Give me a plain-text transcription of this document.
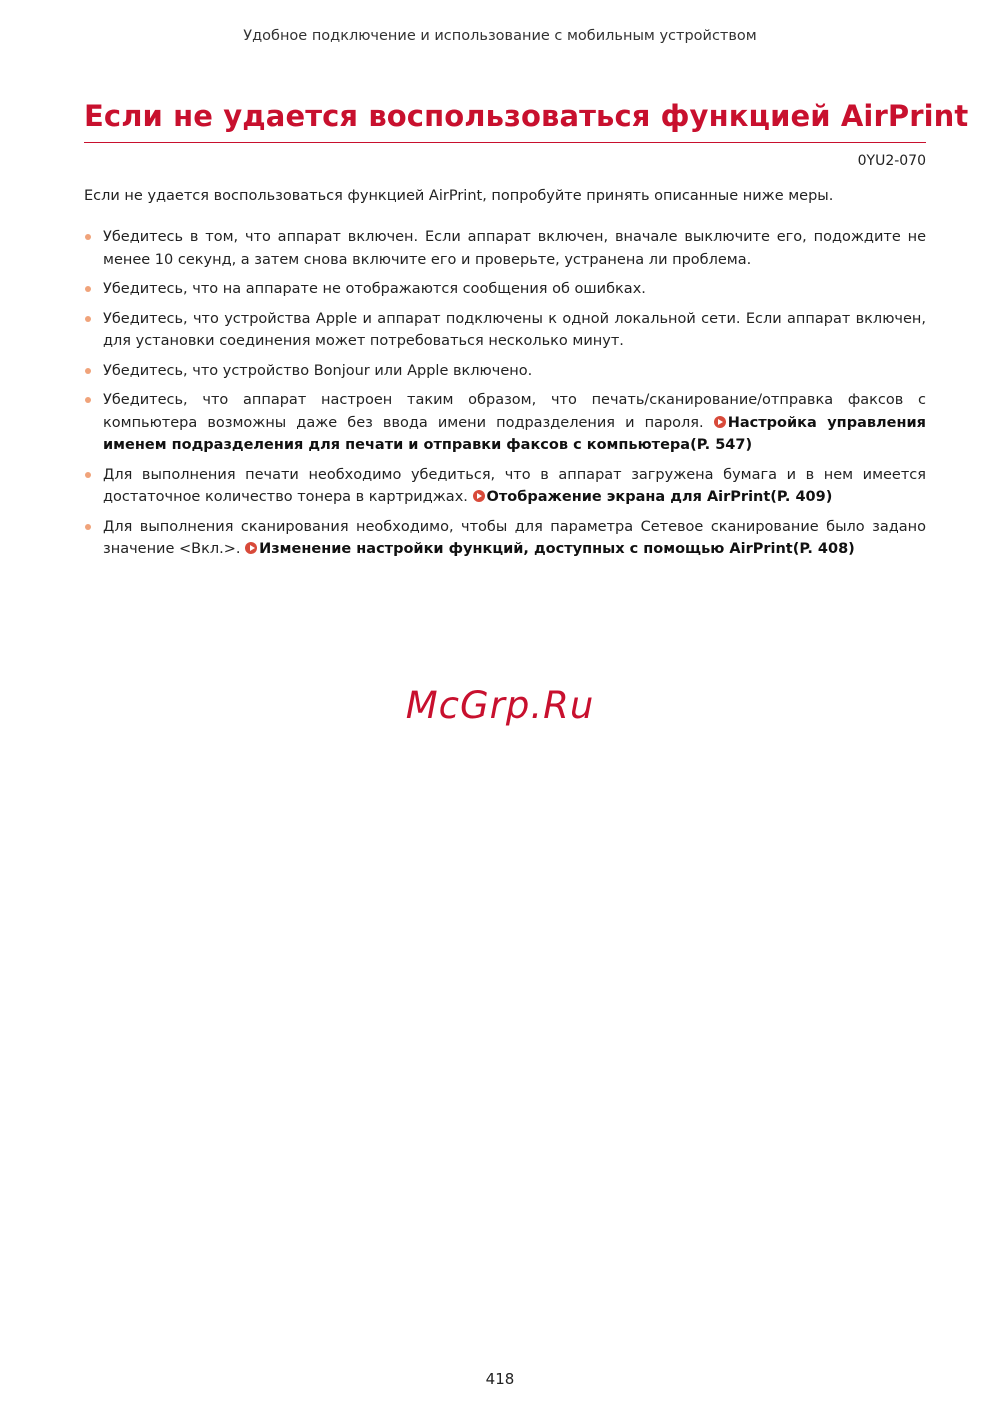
Удобное подключение и использование с мобильным устройством
Если не удается воспользоваться функцией AirPrint
0YU2-070

Если не удается воспользоваться функцией AirPrint, попробуйте принять описанные ниже меры.

Убедитесь в том, что аппарат включен. Если аппарат включен, вначале выключите его, подождите не менее 10 секунд, а затем снова включите его и проверьте, устранена ли проблема.
Убедитесь, что на аппарате не отображаются сообщения об ошибках.
Убедитесь, что устройства Apple и аппарат подключены к одной локальной сети. Если аппарат включен, для установки соединения может потребоваться несколько минут.
Убедитесь, что устройство Bonjour или Apple включено.
Убедитесь, что аппарат настроен таким образом, что печать/сканирование/отправка факсов с компьютера возможны даже без ввода имени подразделения и пароля. Настройка управления именем подразделения для печати и отправки факсов с компьютера(P. 547)
Для выполнения печати необходимо убедиться, что в аппарат загружена бумага и в нем имеется достаточное количество тонера в картриджах. Отображение экрана для AirPrint(P. 409)
Для выполнения сканирования необходимо, чтобы для параметра Сетевое сканирование было задано значение <Вкл.>. Изменение настройки функций, доступных с помощью AirPrint(P. 408)
McGrp.Ru
418
